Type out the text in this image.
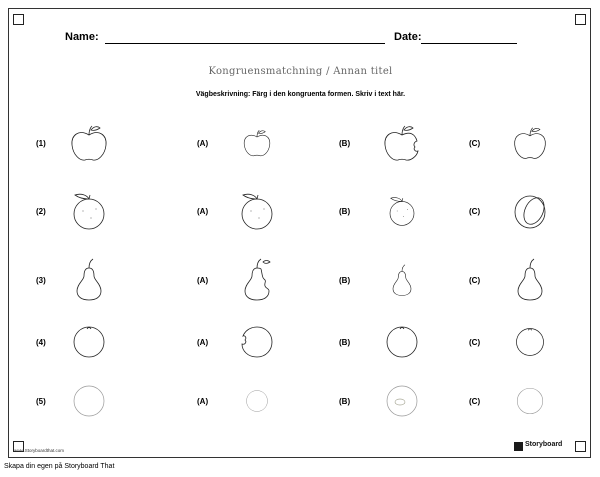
Name:	Date:
Kongruensmatchning / Annan titel
Vägbeskrivning: Färg i den kongruenta formen. Skriv i text här.
(1)	(A)	(B)	(C)
(2)	(A)	(B)	(C)
(3)	(A)	(B)	(C)
(4)	(A)	(B)	(C)
(5)	(A)	(B)	(C)
www.Storyboardthat.com
Storyboard
Skapa din egen på Storyboard That
